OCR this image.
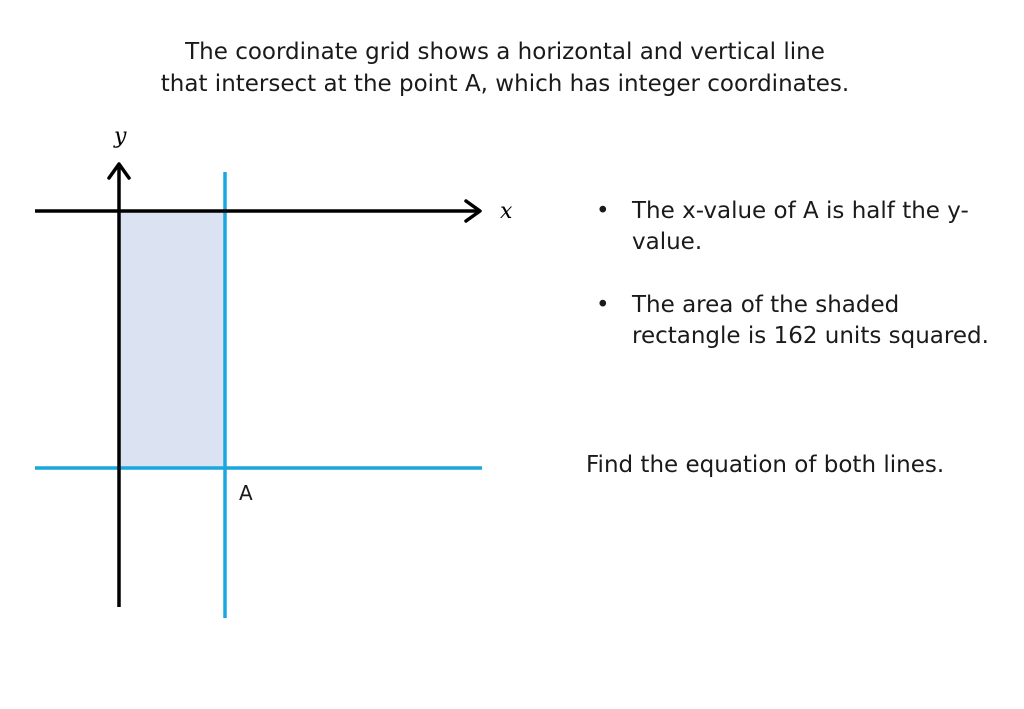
The coordinate grid shows a horizontal and vertical line
that intersect at the point A, which has integer coordinates.
x
y
A
• The x-value of A is half the y-value.
• The area of the shaded rectangle is 162 units squared.
Find the equation of both lines.
